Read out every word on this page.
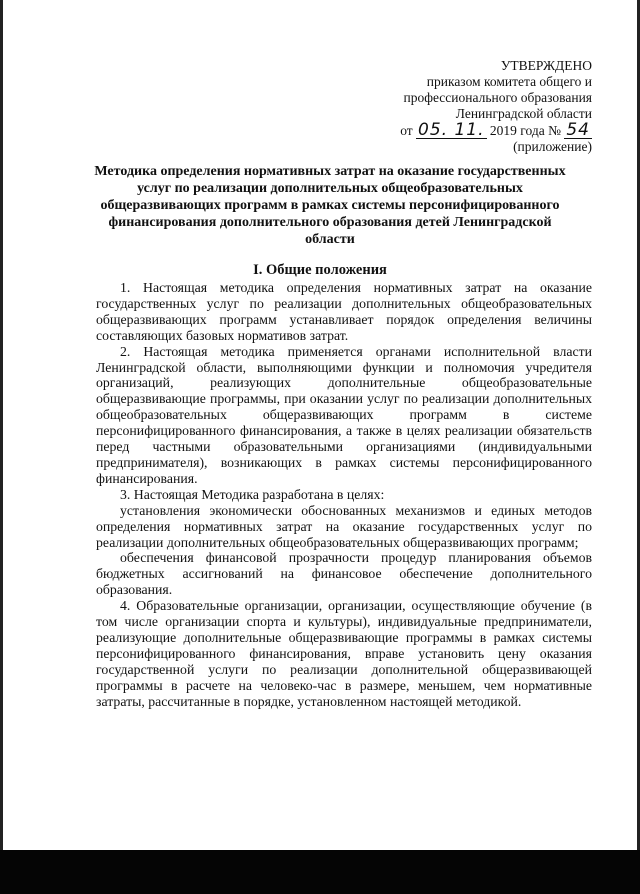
УТВЕРЖДЕНО
приказом комитета общего и
профессионального образования
Ленинградской области
от 05. 11. 2019 года № 54
(приложение)
Методика определения нормативных затрат на оказание государственных услуг по реализации дополнительных общеобразовательных общеразвивающих программ в рамках системы персонифицированного финансирования дополнительного образования детей Ленинградской области
I. Общие положения

1. Настоящая методика определения нормативных затрат на оказание государственных услуг по реализации дополнительных общеобразовательных общеразвивающих программ устанавливает порядок определения величины составляющих базовых нормативов затрат.

2. Настоящая методика применяется органами исполнительной власти Ленинградской области, выполняющими функции и полномочия учредителя организаций, реализующих дополнительные общеобразовательные общеразвивающие программы, при оказании услуг по реализации дополнительных общеобразовательных общеразвивающих программ в системе персонифицированного финансирования, а также в целях реализации обязательств перед частными образовательными организациями (индивидуальными предпринимателя), возникающих в рамках системы персонифицированного финансирования.

3. Настоящая Методика разработана в целях:

установления экономически обоснованных механизмов и единых методов определения нормативных затрат на оказание государственных услуг по реализации дополнительных общеобразовательных общеразвивающих программ;

обеспечения финансовой прозрачности процедур планирования объемов бюджетных ассигнований на финансовое обеспечение дополнительного образования.

4. Образовательные организации, организации, осуществляющие обучение (в том числе организации спорта и культуры), индивидуальные предприниматели, реализующие дополнительные общеразвивающие программы в рамках системы персонифицированного финансирования, вправе установить цену оказания государственной услуги по реализации дополнительной общеразвивающей программы в расчете на человеко-час в размере, меньшем, чем нормативные затраты, рассчитанные в порядке, установленном настоящей методикой.
